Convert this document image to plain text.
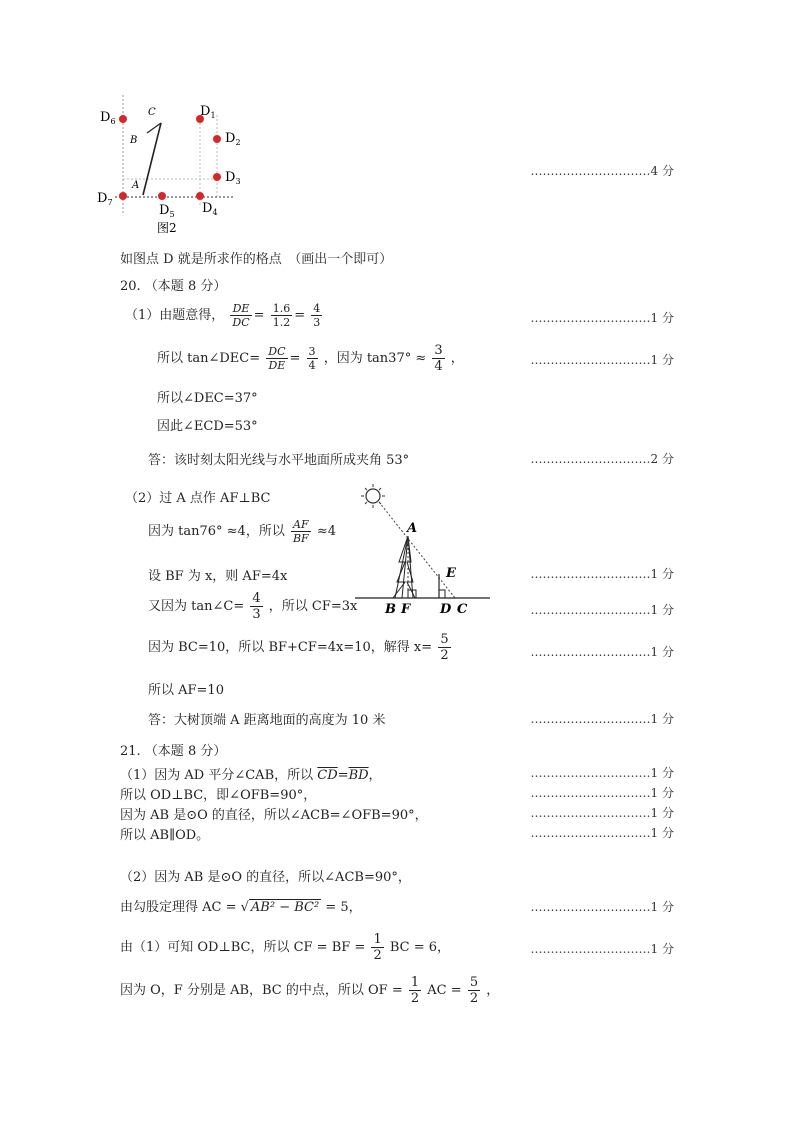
$D_6$
$D_1$
$D_2$
$D_3$
$D_4$
$D_5$
$D_7$
A
B
C
图2
…………………………4 分
如图点 D 就是所求作的格点　（画出一个即可）
20. （本题 8 分）
（1）由题意得， $\frac{DE}{DC} = \frac{1.6}{1.2} = \frac{4}{3}$	…………………………1 分
所以 tan∠DEC= $\frac{DC}{DE} = \frac{3}{4}$ ，因为 $\tan 37^\circ \approx \frac{3}{4}$ ，	…………………………1 分
所以∠DEC=37°
因此∠ECD=53°
答：该时刻太阳光线与水平地面所成夹角 53°	…………………………2 分
（2）过 A 点作 AF⊥BC
因为 tan76° ≈4，所以 $\frac{AF}{BF} \approx 4$
设 BF 为 x，则 AF=4x	…………………………1 分
又因为 tan∠C= $\frac{4}{3}$ ，所以 CF=3x	…………………………1 分
因为 BC=10，所以 BF+CF=4x=10，解得 $x= \frac{5}{2}$	…………………………1 分
所以 AF=10
答：大树顶端 A 距离地面的高度为 10 米	…………………………1 分
A
E
B F D C
21. （本题 8 分）
（1）因为 AD 平分∠CAB，所以 $\overline{CD}=\overline{BD}$，	…………………………1 分
所以 OD⊥BC，即∠OFB=90°，	…………………………1 分
因为 AB 是⊙O 的直径，所以∠ACB=∠OFB=90°，	…………………………1 分
所以 AB∥OD。	…………………………1 分
（2）因为 AB 是⊙O 的直径，所以∠ACB=90°，
由勾股定理得 AC = √ AB² − BC² = 5，	…………………………1 分
由（1）可知 OD⊥BC，所以 CF = BF = $\frac{1}{2}$ BC = 6，	…………………………1 分
因为 O，F 分别是 AB，BC 的中点，所以 OF = $\frac{1}{2}$ AC = $\frac{5}{2}$ ，
